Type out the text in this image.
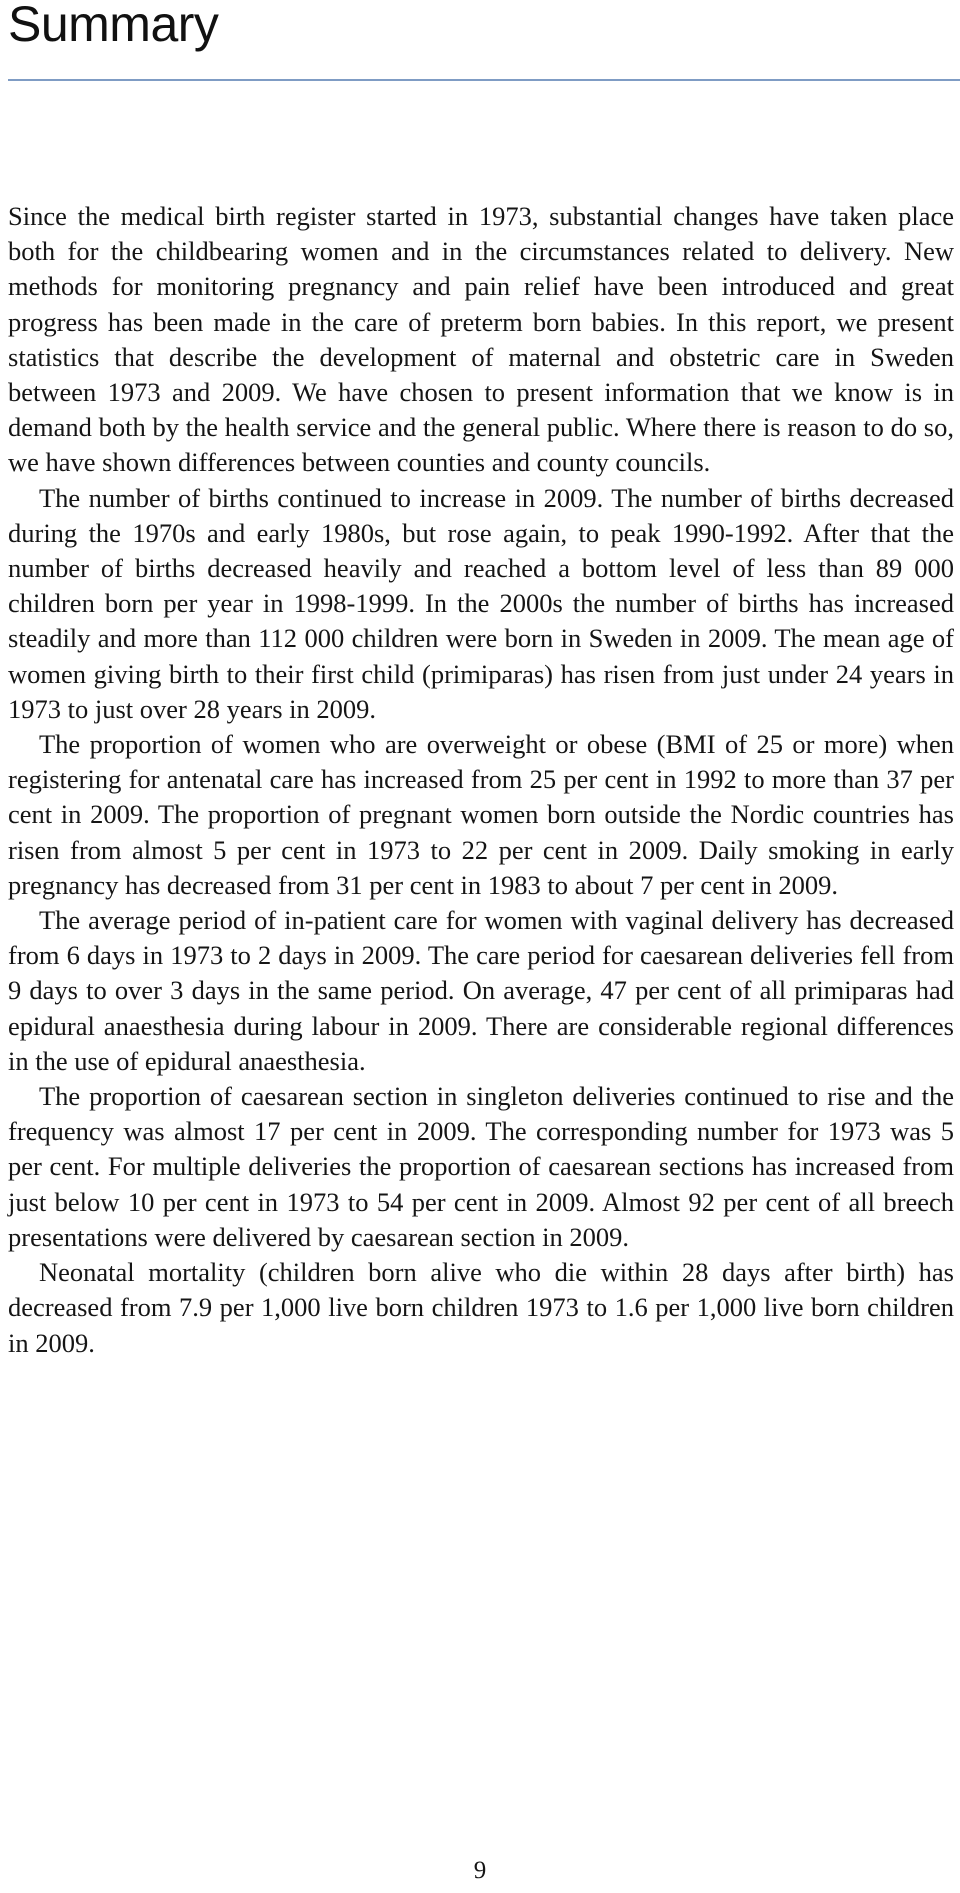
Summary

Since the medical birth register started in 1973, substantial changes have taken place both for the childbearing women and in the circumstances related to delivery. New methods for monitoring pregnancy and pain relief have been introduced and great progress has been made in the care of preterm born babies. In this report, we present statistics that describe the development of maternal and obstetric care in Sweden between 1973 and 2009. We have chosen to present information that we know is in demand both by the health service and the general public. Where there is reason to do so, we have shown differences between counties and county councils.

The number of births continued to increase in 2009. The number of births decreased during the 1970s and early 1980s, but rose again, to peak 1990-1992. After that the number of births decreased heavily and reached a bottom level of less than 89 000 children born per year in 1998-1999. In the 2000s the number of births has increased steadily and more than 112 000 children were born in Sweden in 2009. The mean age of women giving birth to their first child (primiparas) has risen from just under 24 years in 1973 to just over 28 years in 2009.

The proportion of women who are overweight or obese (BMI of 25 or more) when registering for antenatal care has increased from 25 per cent in 1992 to more than 37 per cent in 2009. The proportion of pregnant women born outside the Nordic countries has risen from almost 5 per cent in 1973 to 22 per cent in 2009. Daily smoking in early pregnancy has decreased from 31 per cent in 1983 to about 7 per cent in 2009.

The average period of in-patient care for women with vaginal delivery has decreased from 6 days in 1973 to 2 days in 2009. The care period for caesarean deliveries fell from 9 days to over 3 days in the same period. On average, 47 per cent of all primiparas had epidural anaesthesia during labour in 2009. There are considerable regional differences in the use of epidural anaesthesia.

The proportion of caesarean section in singleton deliveries continued to rise and the frequency was almost 17 per cent in 2009. The corresponding number for 1973 was 5 per cent. For multiple deliveries the proportion of caesarean sections has increased from just below 10 per cent in 1973 to 54 per cent in 2009. Almost 92 per cent of all breech presentations were delivered by caesarean section in 2009.

Neonatal mortality (children born alive who die within 28 days after birth) has decreased from 7.9 per 1,000 live born children 1973 to 1.6 per 1,000 live born children in 2009.

9
